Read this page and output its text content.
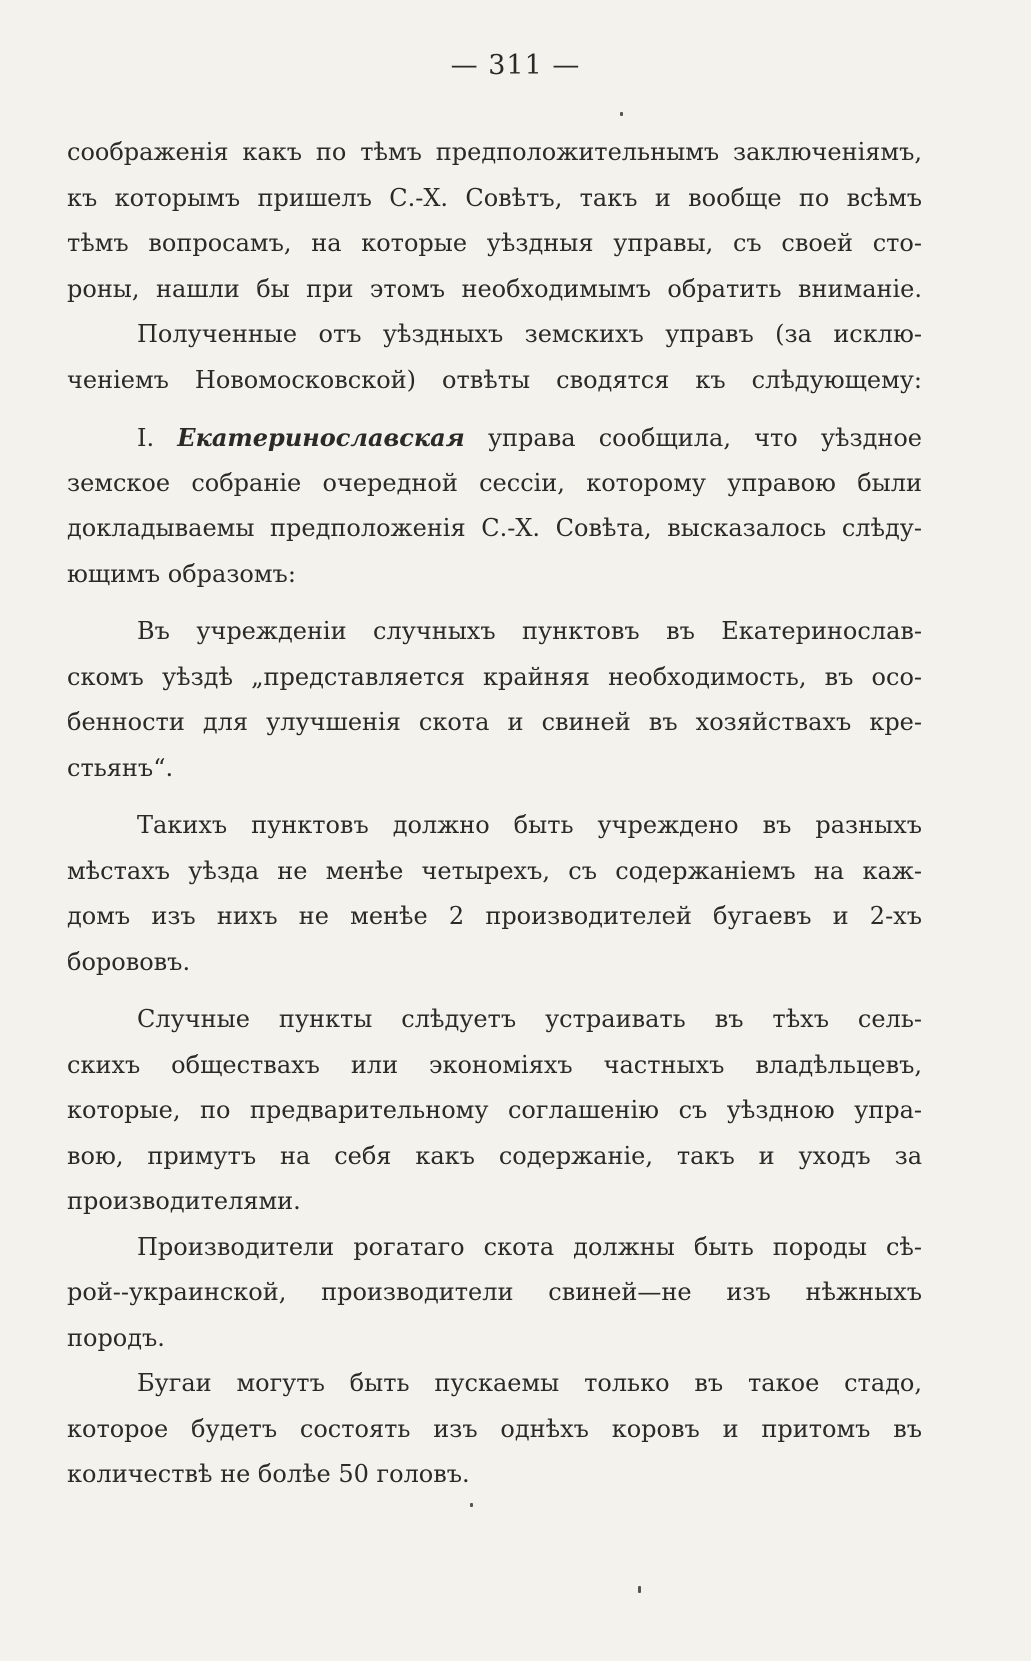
— 311 —
соображенія какъ по тѣмъ предположительнымъ заключеніямъ,
къ которымъ пришелъ С.-Х. Совѣтъ, такъ и вообще по всѣмъ
тѣмъ вопросамъ, на которые уѣздныя управы, съ своей сто-
роны, нашли бы при этомъ необходимымъ обратить вниманіе.
Полученные отъ уѣздныхъ земскихъ управъ (за исклю-
ченіемъ Новомосковской) отвѣты сводятся къ слѣдующему:
I. Екатеринославская управа сообщила, что уѣздное
земское собраніе очередной сессіи, которому управою были
докладываемы предположенія С.-Х. Совѣта, высказалось слѣду-
ющимъ образомъ:
Въ учрежденіи случныхъ пунктовъ въ Екатеринослав-
скомъ уѣздѣ „представляется крайняя необходимость, въ осо-
бенности для улучшенія скота и свиней въ хозяйствахъ кре-
стьянъ“.
Такихъ пунктовъ должно быть учреждено въ разныхъ
мѣстахъ уѣзда не менѣе четырехъ, съ содержаніемъ на каж-
домъ изъ нихъ не менѣе 2 производителей бугаевъ и 2-хъ
борововъ.
Случные пункты слѣдуетъ устраивать въ тѣхъ сель-
скихъ обществахъ или экономіяхъ частныхъ владѣльцевъ,
которые, по предварительному соглашенію съ уѣздною упра-
вою, примутъ на себя какъ содержаніе, такъ и уходъ за
производителями.
Производители рогатаго скота должны быть породы сѣ-
рой--украинской, производители свиней—не изъ нѣжныхъ
породъ.
Бугаи могутъ быть пускаемы только въ такое стадо,
которое будетъ состоять изъ однѣхъ коровъ и притомъ въ
количествѣ не болѣе 50 головъ.
